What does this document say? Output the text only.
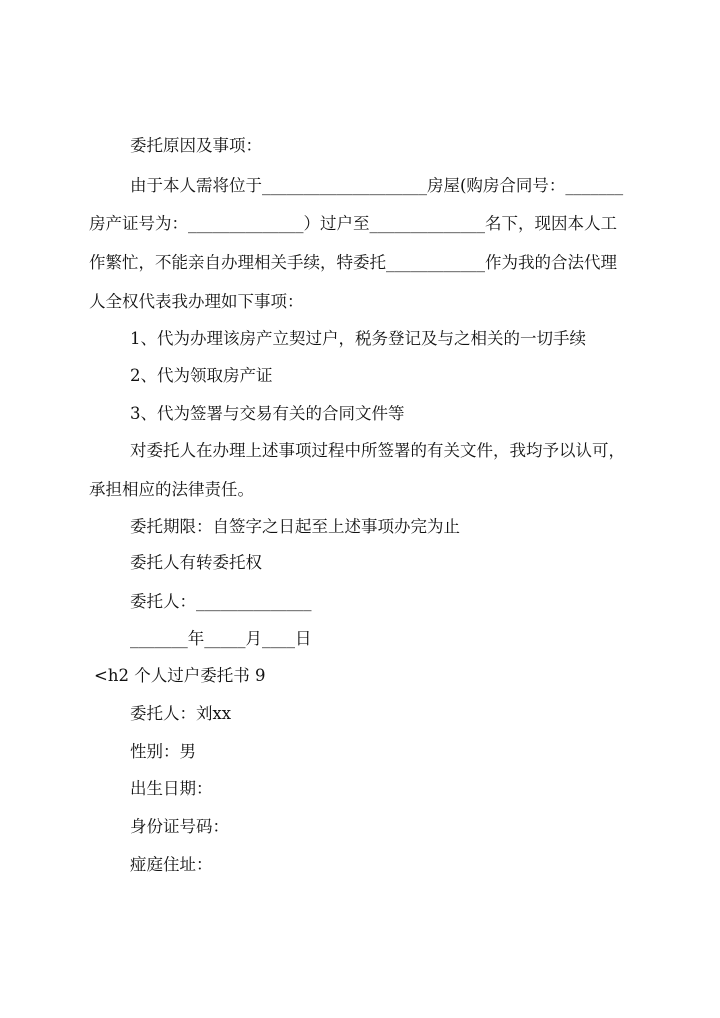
委托原因及事项：

由于本人需将位于____________________房屋(购房合同号：_______

房产证号为：______________）过户至______________名下，现因本人工

作繁忙，不能亲自办理相关手续，特委托____________作为我的合法代理

人全权代表我办理如下事项：

1、代为办理该房产立契过户，税务登记及与之相关的一切手续

2、代为领取房产证

3、代为签署与交易有关的合同文件等

对委托人在办理上述事项过程中所签署的有关文件，我均予以认可，

承担相应的法律责任。

委托期限：自签字之日起至上述事项办完为止

委托人有转委托权

委托人：______________

_______年_____月____日

<h2 个人过户委托书 9

委托人：刘xx

性别：男

出生日期：

身份证号码：

痖庭住址：
